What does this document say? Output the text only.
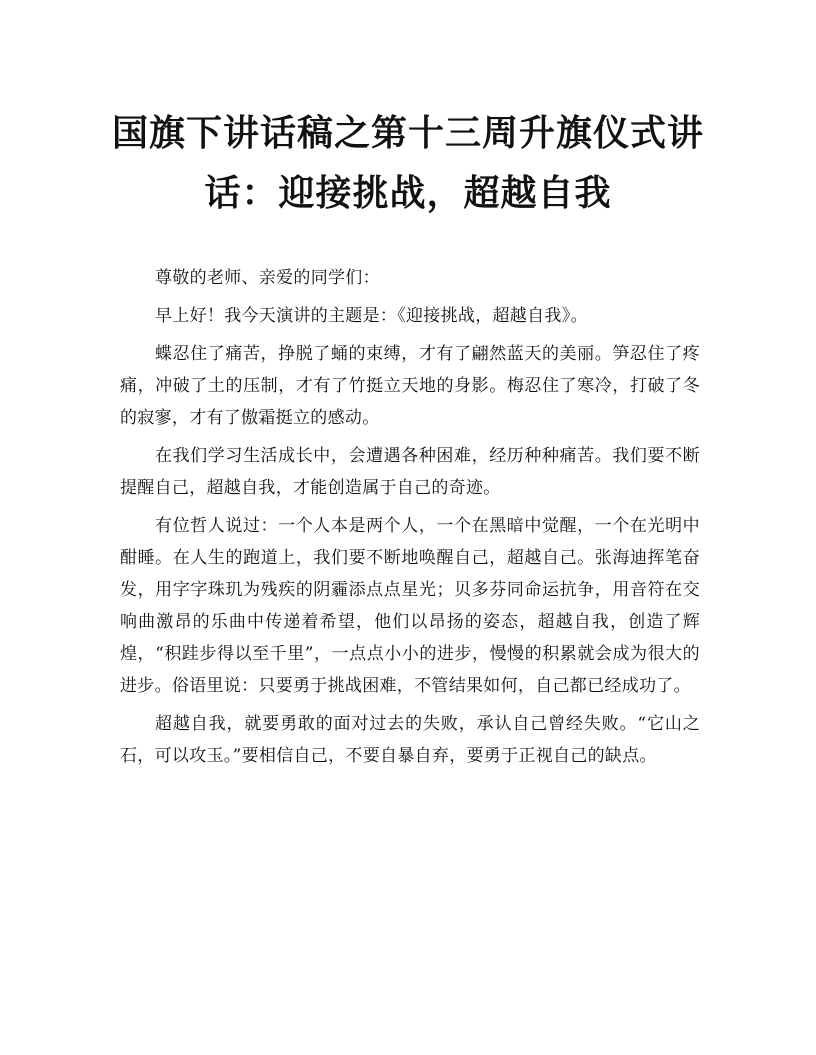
国旗下讲话稿之第十三周升旗仪式讲
话：迎接挑战，超越自我

尊敬的老师、亲爱的同学们：

早上好！我今天演讲的主题是：《迎接挑战，超越自我》。

蝶忍住了痛苦，挣脱了蛹的束缚，才有了翩然蓝天的美丽。笋忍住了疼痛，冲破了土的压制，才有了竹挺立天地的身影。梅忍住了寒冷，打破了冬的寂寥，才有了傲霜挺立的感动。

在我们学习生活成长中，会遭遇各种困难，经历种种痛苦。我们要不断提醒自己，超越自我，才能创造属于自己的奇迹。

有位哲人说过：一个人本是两个人，一个在黑暗中觉醒，一个在光明中酣睡。在人生的跑道上，我们要不断地唤醒自己，超越自己。张海迪挥笔奋发，用字字珠玑为残疾的阴霾添点点星光；贝多芬同命运抗争，用音符在交响曲激昂的乐曲中传递着希望，他们以昂扬的姿态，超越自我，创造了辉煌，“积跬步得以至千里”，一点点小小的进步，慢慢的积累就会成为很大的进步。俗语里说：只要勇于挑战困难，不管结果如何，自己都已经成功了。

超越自我，就要勇敢的面对过去的失败，承认自己曾经失败。“它山之石，可以攻玉。”要相信自己，不要自暴自弃，要勇于正视自己的缺点。
